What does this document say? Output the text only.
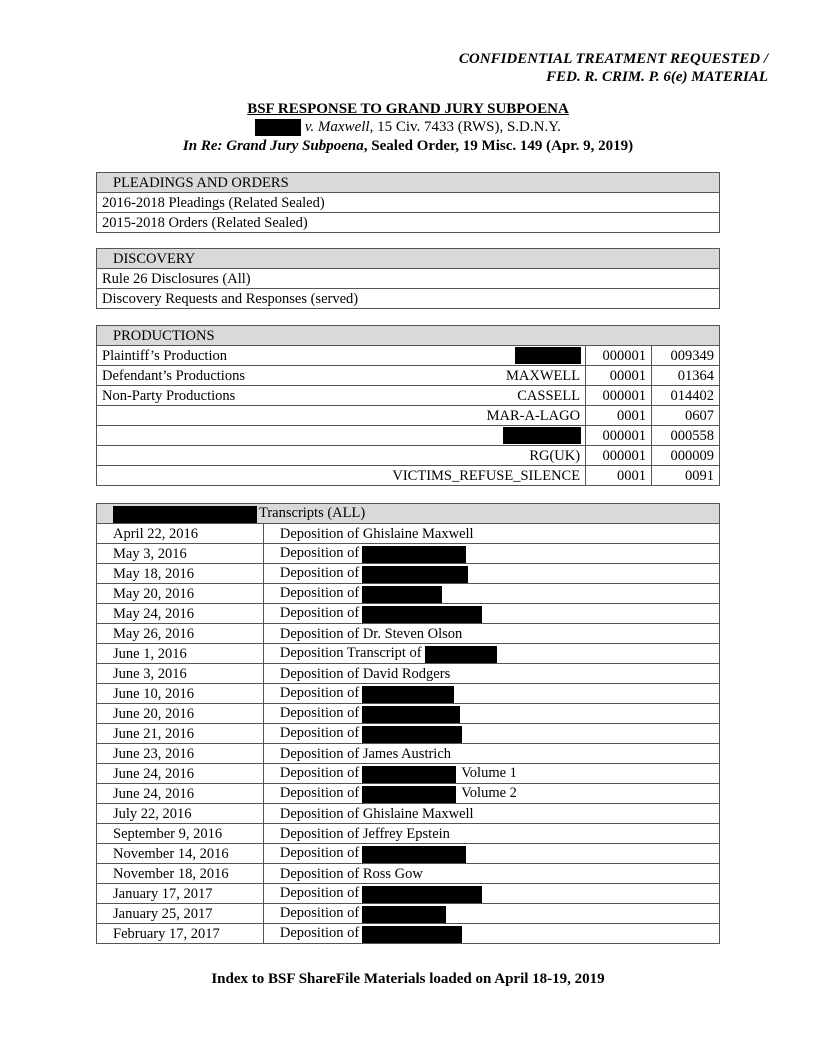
CONFIDENTIAL TREATMENT REQUESTED /
FED. R. CRIM. P. 6(e) MATERIAL
BSF RESPONSE TO GRAND JURY SUBPOENA
v. Maxwell, 15 Civ. 7433 (RWS), S.D.N.Y.
In Re: Grand Jury Subpoena, Sealed Order, 19 Misc. 149 (Apr. 9, 2019)
PLEADINGS AND ORDERS
2016-2018 Pleadings (Related Sealed)
2015-2018 Orders (Related Sealed)
DISCOVERY
Rule 26 Disclosures (All)
Discovery Requests and Responses (served)
PRODUCTIONS		
Plaintiff’s Production	000001	009349
Defendant’s Productions MAXWELL	00001	01364
Non-Party Productions CASSELL	000001	014402
MAR-A-LAGO	0001	0607

	000001	000558
RG(UK)	000001	000009
VICTIMS_REFUSE_SILENCE	0001	0091
Transcripts (ALL)	
April 22, 2016	Deposition of Ghislaine Maxwell
May 3, 2016	Deposition of
May 18, 2016	Deposition of
May 20, 2016	Deposition of
May 24, 2016	Deposition of
May 26, 2016	Deposition of Dr. Steven Olson
June 1, 2016	Deposition Transcript of
June 3, 2016	Deposition of David Rodgers
June 10, 2016	Deposition of
June 20, 2016	Deposition of
June 21, 2016	Deposition of
June 23, 2016	Deposition of James Austrich
June 24, 2016	Deposition of Volume 1
June 24, 2016	Deposition of Volume 2
July 22, 2016	Deposition of Ghislaine Maxwell
September 9, 2016	Deposition of Jeffrey Epstein
November 14, 2016	Deposition of
November 18, 2016	Deposition of Ross Gow
January 17, 2017	Deposition of
January 25, 2017	Deposition of
February 17, 2017	Deposition of
Index to BSF ShareFile Materials loaded on April 18-19, 2019
